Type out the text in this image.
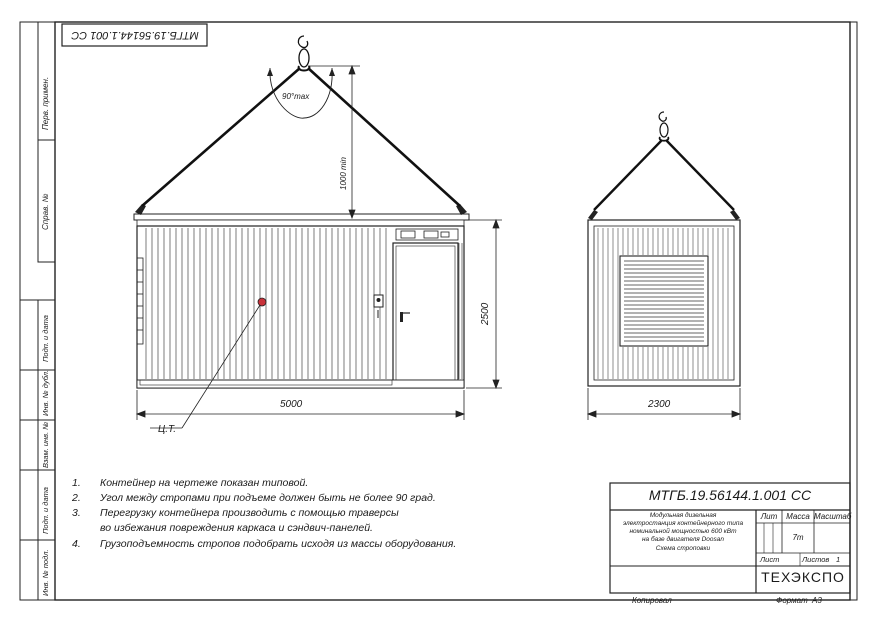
МТГБ.19.56144.1.001 СС
90°max
1000 min
5000
2500
2300
Ц.Т.
1. Контейнер на чертеже показан типовой.
2. Угол между стропами при подъеме должен быть не более 90 град.
3. Перегрузку контейнера производить с помощью траверсы
во избежания повреждения каркаса и сэндвич-панелей.
4. Грузоподъемность стропов подобрать исходя из массы оборудования.
МТГБ.19.56144.1.001 СС
Модульная дизельная
электростанция контейнерного типа
номинальной мощностью 600 кВт
на базе двигателя Doosan
Схема строповки
Лит	Масса Масштаб
7т
Лист	Листов 1
ТЕХЭКСПО
Копировал	Формат А3
Перв. примен.
Справ. №
Подп. и дата
Инв. № дубл.
Взам. инв. №
Подп. и дата
Инв. № подл.
